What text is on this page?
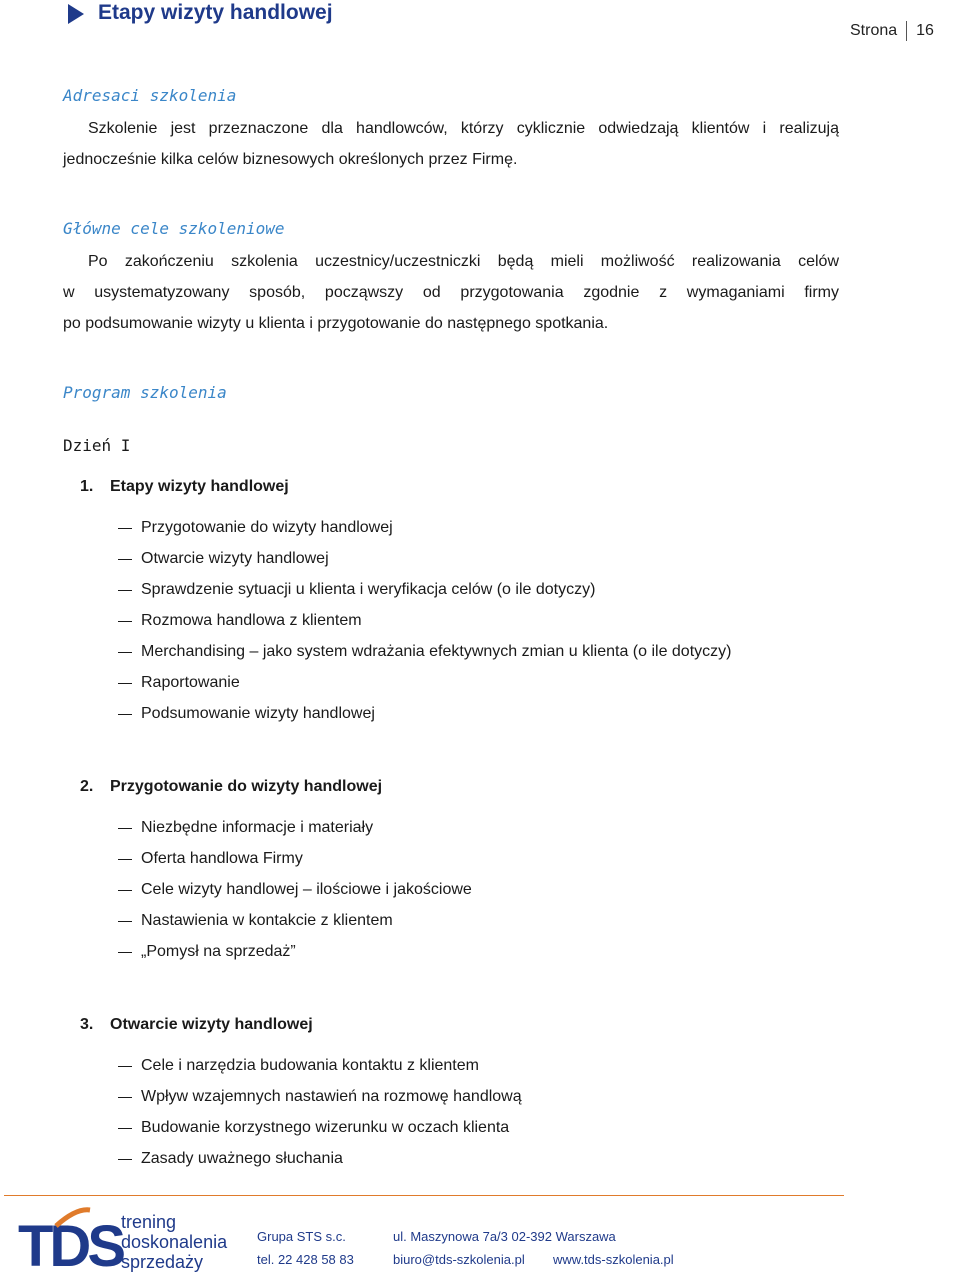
Etapy wizyty handlowej
Strona 16
Adresaci szkolenia
Szkolenie jest przeznaczone dla handlowców, którzy cyklicznie odwiedzają klientów i realizują
jednocześnie kilka celów biznesowych określonych przez Firmę.
Główne cele szkoleniowe
Po zakończeniu szkolenia uczestnicy/uczestniczki będą mieli możliwość realizowania celów
w usystematyzowany sposób, począwszy od przygotowania zgodnie z wymaganiami firmy
po podsumowanie wizyty u klienta i przygotowanie do następnego spotkania.
Program szkolenia
Dzień I
1. Etapy wizyty handlowej
Przygotowanie do wizyty handlowej
Otwarcie wizyty handlowej
Sprawdzenie sytuacji u klienta i weryfikacja celów (o ile dotyczy)
Rozmowa handlowa z klientem
Merchandising – jako system wdrażania efektywnych zmian u klienta (o ile dotyczy)
Raportowanie
Podsumowanie wizyty handlowej
2. Przygotowanie do wizyty handlowej
Niezbędne informacje i materiały
Oferta handlowa Firmy
Cele wizyty handlowej – ilościowe i jakościowe
Nastawienia w kontakcie z klientem
„Pomysł na sprzedaż”
3. Otwarcie wizyty handlowej
Cele i narzędzia budowania kontaktu z klientem
Wpływ wzajemnych nastawień na rozmowę handlową
Budowanie korzystnego wizerunku w oczach klienta
Zasady uważnego słuchania
TDS trening
doskonalenia
sprzedaży
Grupa STS s.c.
tel. 22 428 58 83
ul. Maszynowa 7a/3 02-392 Warszawa
biuro@tds-szkolenia.pl www.tds-szkolenia.pl
